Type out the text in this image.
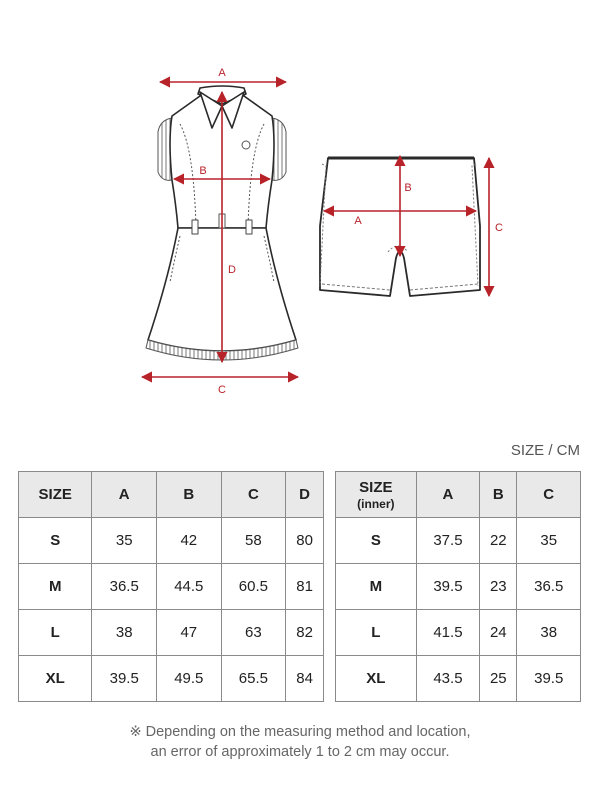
A
B
C
D
A
B
C
SIZE / CM
SIZE	A	B	C	D
S	35	42	58	80
M	36.5	44.5	60.5	81
L	38	47	63	82
XL	39.5	49.5	65.5	84
SIZE
(inner)	A	B	C
S	37.5	22	35
M	39.5	23	36.5
L	41.5	24	38
XL	43.5	25	39.5
※ Depending on the measuring method and location,
an error of approximately 1 to 2 cm may occur.
